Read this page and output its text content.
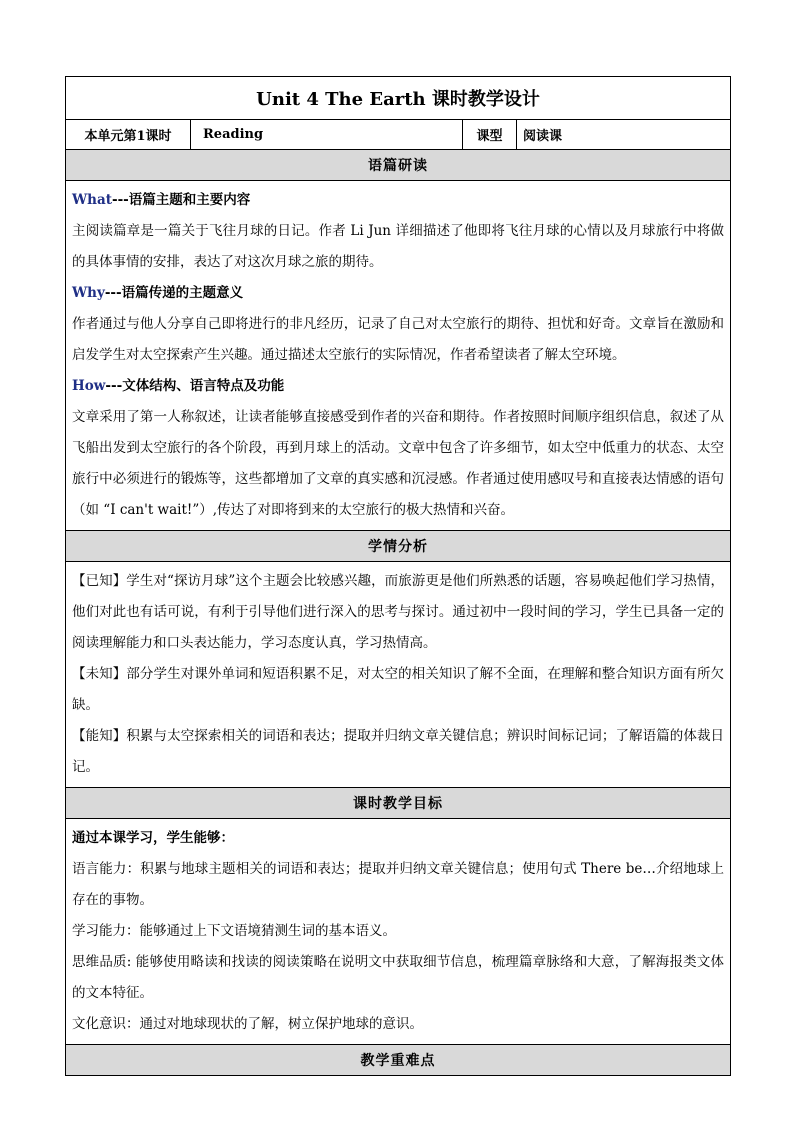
Unit 4 The Earth 课时教学设计
本单元第1课时	Reading	课型	阅读课
语篇研读

What---语篇主题和主要内容

主阅读篇章是一篇关于飞往月球的日记。作者 Li Jun 详细描述了他即将飞往月球的心情以及月球旅行中将做的具体事情的安排，表达了对这次月球之旅的期待。

Why---语篇传递的主题意义

作者通过与他人分享自己即将进行的非凡经历，记录了自己对太空旅行的期待、担忧和好奇。文章旨在激励和启发学生对太空探索产生兴趣。通过描述太空旅行的实际情况，作者希望读者了解太空环境。

How---文体结构、语言特点及功能

文章采用了第一人称叙述，让读者能够直接感受到作者的兴奋和期待。作者按照时间顺序组织信息，叙述了从飞船出发到太空旅行的各个阶段，再到月球上的活动。文章中包含了许多细节，如太空中低重力的状态、太空旅行中必须进行的锻炼等，这些都增加了文章的真实感和沉浸感。作者通过使用感叹号和直接表达情感的语句（如 “I can't wait!”）,传达了对即将到来的太空旅行的极大热情和兴奋。

学情分析

【已知】学生对“探访月球”这个主题会比较感兴趣，而旅游更是他们所熟悉的话题，容易唤起他们学习热情，他们对此也有话可说，有利于引导他们进行深入的思考与探讨。通过初中一段时间的学习，学生已具备一定的阅读理解能力和口头表达能力，学习态度认真，学习热情高。

【未知】部分学生对课外单词和短语积累不足，对太空的相关知识了解不全面，在理解和整合知识方面有所欠缺。

【能知】积累与太空探索相关的词语和表达；提取并归纳文章关键信息；辨识时间标记词；了解语篇的体裁日记。

课时教学目标

通过本课学习，学生能够：

语言能力：积累与地球主题相关的词语和表达；提取并归纳文章关键信息；使用句式 There be…介绍地球上存在的事物。

学习能力：能够通过上下文语境猜测生词的基本语义。

思维品质: 能够使用略读和找读的阅读策略在说明文中获取细节信息，梳理篇章脉络和大意，了解海报类文体的文本特征。

文化意识：通过对地球现状的了解，树立保护地球的意识。

教学重难点
